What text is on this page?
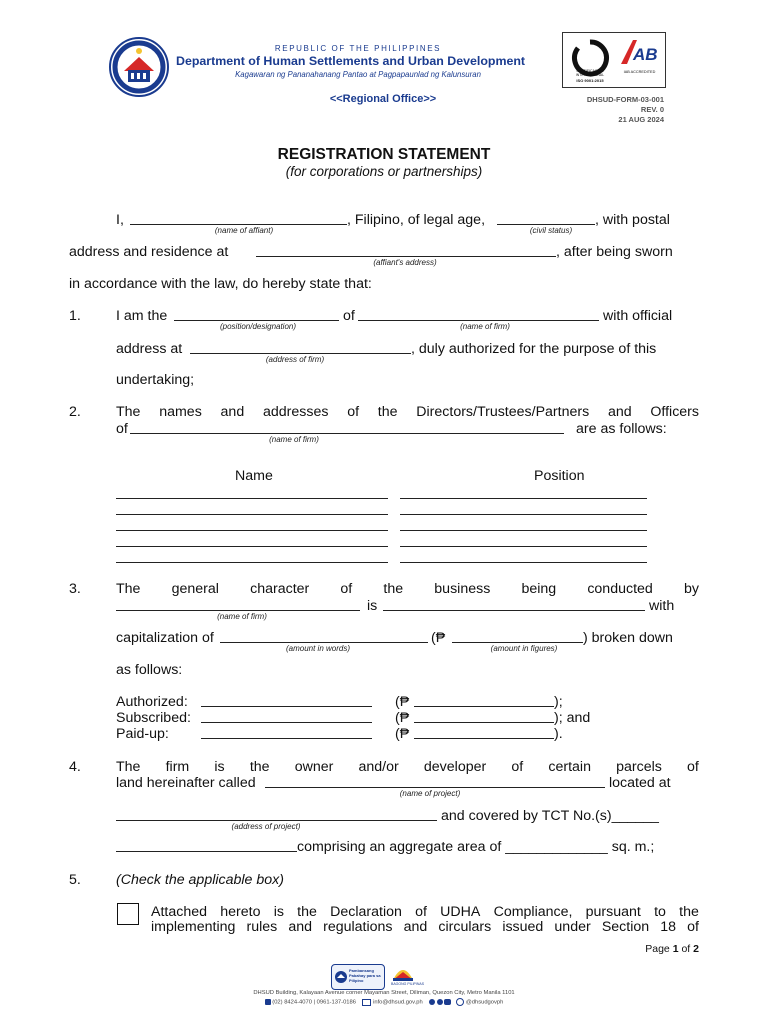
REPUBLIC OF THE PHILIPPINES
Department of Human Settlements and Urban Development
Kagawaran ng Pananahanang Pantao at Pagpapaunlad ng Kalunsuran
<<Regional Office>>
CERTIFICACION INTERNACIONAL
ISO 9001:2015
AB
IAB ACCREDITED
DHSUD-FORM-03-001
REV. 0
21 AUG 2024
REGISTRATION STATEMENT
(for corporations or partnerships)
I,
(name of affiant)
, Filipino, of legal age,
(civil status)
, with postal
address and residence at
(affiant's address)
, after being sworn
in accordance with the law, do hereby state that:
1. I am the
(position/designation)
of
(name of firm)
with official
address at
(address of firm)
, duly authorized for the purpose of this
undertaking;
2. The names and addresses of the Directors/Trustees/Partners and Officers
of
(name of firm)
are as follows:
Name	Position
3. The general character of the business being conducted by
(name of firm)
is	with
capitalization of
(amount in words)
(₱
(amount in figures)
) broken down
as follows:
Authorized:	(₱	);
Subscribed:	(₱	); and
Paid-up:	(₱	).
4. The firm is the owner and/or developer of certain parcels of
land hereinafter called
(name of project)
located at
(address of project)
and covered by TCT No.(s)______
comprising an aggregate area of _____________ sq. m.;
5. (Check the applicable box)
Attached hereto is the Declaration of UDHA Compliance, pursuant to the
implementing rules and regulations and circulars issued under Section 18 of
Page 1 of 2
Pambansang Pabahay para sa Pilipino
BAGONG PILIPINAS
DHSUD Building, Kalayaan Avenue corner Mayaman Street, Diliman, Quezon City, Metro Manila 1101
(02) 8424-4070 | 0961-137-0186	info@dhsud.gov.ph	@dhsudgovph
